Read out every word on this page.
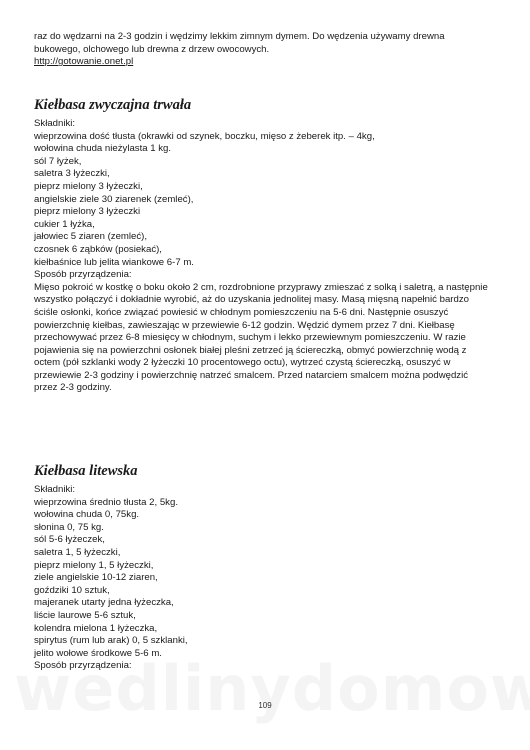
raz do wędzarni na 2-3 godzin i wędzimy lekkim zimnym dymem. Do wędzenia używamy drewna
bukowego, olchowego lub drewna z drzew owocowych.
http://gotowanie.onet.pl
Kiełbasa zwyczajna trwała
Składniki:
wieprzowina dość tłusta (okrawki od szynek, boczku, mięso z żeberek itp. – 4kg,
wołowina chuda nieżylasta 1 kg.
sól 7 łyżek,
saletra 3 łyżeczki,
pieprz mielony 3 łyżeczki,
angielskie ziele 30 ziarenek (zemleć),
pieprz mielony 3 łyżeczki
cukier 1 łyżka,
jałowiec 5 ziaren (zemleć),
czosnek 6 ząbków (posiekać),
kiełbaśnice lub jelita wiankowe 6-7 m.
Sposób przyrządzenia:
Mięso pokroić w kostkę o boku około 2 cm, rozdrobnione przyprawy zmieszać z solką i saletrą, a następnie
wszystko połączyć i dokładnie wyrobić, aż do uzyskania jednolitej masy. Masą mięsną napełnić bardzo
ściśle osłonki, końce związać powiesić w chłodnym pomieszczeniu na 5-6 dni. Następnie osuszyć
powierzchnię kiełbas, zawieszając w przewiewie 6-12 godzin. Wędzić dymem przez 7 dni. Kiełbasę
przechowywać przez 6-8 miesięcy w chłodnym, suchym i lekko przewiewnym pomieszczeniu. W razie
pojawienia się na powierzchni osłonek białej pleśni zetrzeć ją ściereczką, obmyć powierzchnię wodą z
octem (pół szklanki wody 2 łyżeczki 10 procentowego octu), wytrzeć czystą ściereczką, osuszyć w
przewiewie 2-3 godziny i powierzchnię natrzeć smalcem. Przed natarciem smalcem można podwędzić
przez 2-3 godziny.
Kiełbasa litewska
Składniki:
wieprzowina średnio tłusta 2, 5kg.
wołowina chuda 0, 75kg.
słonina 0, 75 kg.
sól 5-6 łyżeczek,
saletra 1, 5 łyżeczki,
pieprz mielony 1, 5 łyżeczki,
ziele angielskie 10-12 ziaren,
goździki 10 sztuk,
majeranek utarty jedna łyżeczka,
liście laurowe 5-6 sztuk,
kolendra mielona 1 łyżeczka,
spirytus (rum lub arak) 0, 5 szklanki,
jelito wołowe środkowe 5-6 m.
Sposób przyrządzenia:
109
